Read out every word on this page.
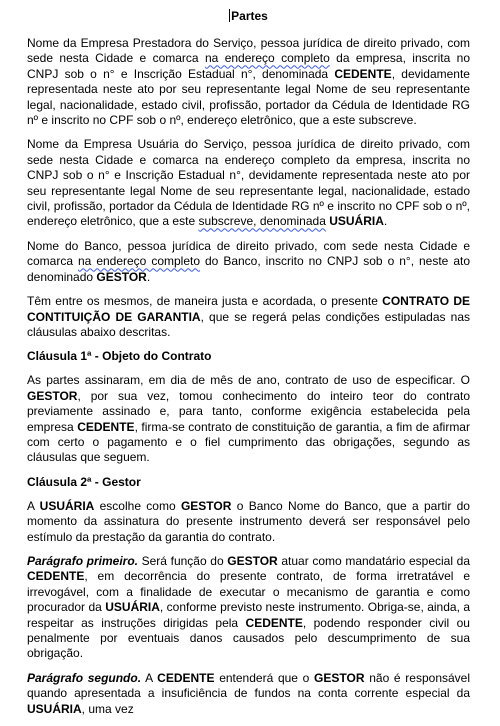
Partes

Nome da Empresa Prestadora do Serviço, pessoa jurídica de direito privado, com sede nesta Cidade e comarca na endereço completo da empresa, inscrita no CNPJ sob o n° e Inscrição Estadual n°, denominada CEDENTE, devidamente representada neste ato por seu representante legal Nome de seu representante legal, nacionalidade, estado civil, profissão, portador da Cédula de Identidade RG nº e inscrito no CPF sob o nº, endereço eletrônico, que a este subscreve.

Nome da Empresa Usuária do Serviço, pessoa jurídica de direito privado, com sede nesta Cidade e comarca na endereço completo da empresa, inscrita no CNPJ sob o n° e Inscrição Estadual n°, devidamente representada neste ato por seu representante legal Nome de seu representante legal, nacionalidade, estado civil, profissão, portador da Cédula de Identidade RG nº e inscrito no CPF sob o nº, endereço eletrônico, que a este subscreve, denominada USUÁRIA.

Nome do Banco, pessoa jurídica de direito privado, com sede nesta Cidade e comarca na endereço completo do Banco, inscrito no CNPJ sob o n°, neste ato denominado GESTOR.

Têm entre os mesmos, de maneira justa e acordada, o presente CONTRATO DE CONTITUIÇÃO DE GARANTIA, que se regerá pelas condições estipuladas nas cláusulas abaixo descritas.

Cláusula 1ª - Objeto do Contrato

As partes assinaram, em dia de mês de ano, contrato de uso de especificar. O GESTOR, por sua vez, tomou conhecimento do inteiro teor do contrato previamente assinado e, para tanto, conforme exigência estabelecida pela empresa CEDENTE, firma-se contrato de constituição de garantia, a fim de afirmar com certo o pagamento e o fiel cumprimento das obrigações, segundo as cláusulas que seguem.

Cláusula 2ª - Gestor

A USUÁRIA escolhe como GESTOR o Banco Nome do Banco, que a partir do momento da assinatura do presente instrumento deverá ser responsável pelo estímulo da prestação da garantia do contrato.

Parágrafo primeiro. Será função do GESTOR atuar como mandatário especial da CEDENTE, em decorrência do presente contrato, de forma irretratável e irrevogável, com a finalidade de executar o mecanismo de garantia e como procurador da USUÁRIA, conforme previsto neste instrumento. Obriga-se, ainda, a respeitar as instruções dirigidas pela CEDENTE, podendo responder civil ou penalmente por eventuais danos causados pelo descumprimento de sua obrigação.

Parágrafo segundo. A CEDENTE entenderá que o GESTOR não é responsável quando apresentada a insuficiência de fundos na conta corrente especial da USUÁRIA, uma vez
